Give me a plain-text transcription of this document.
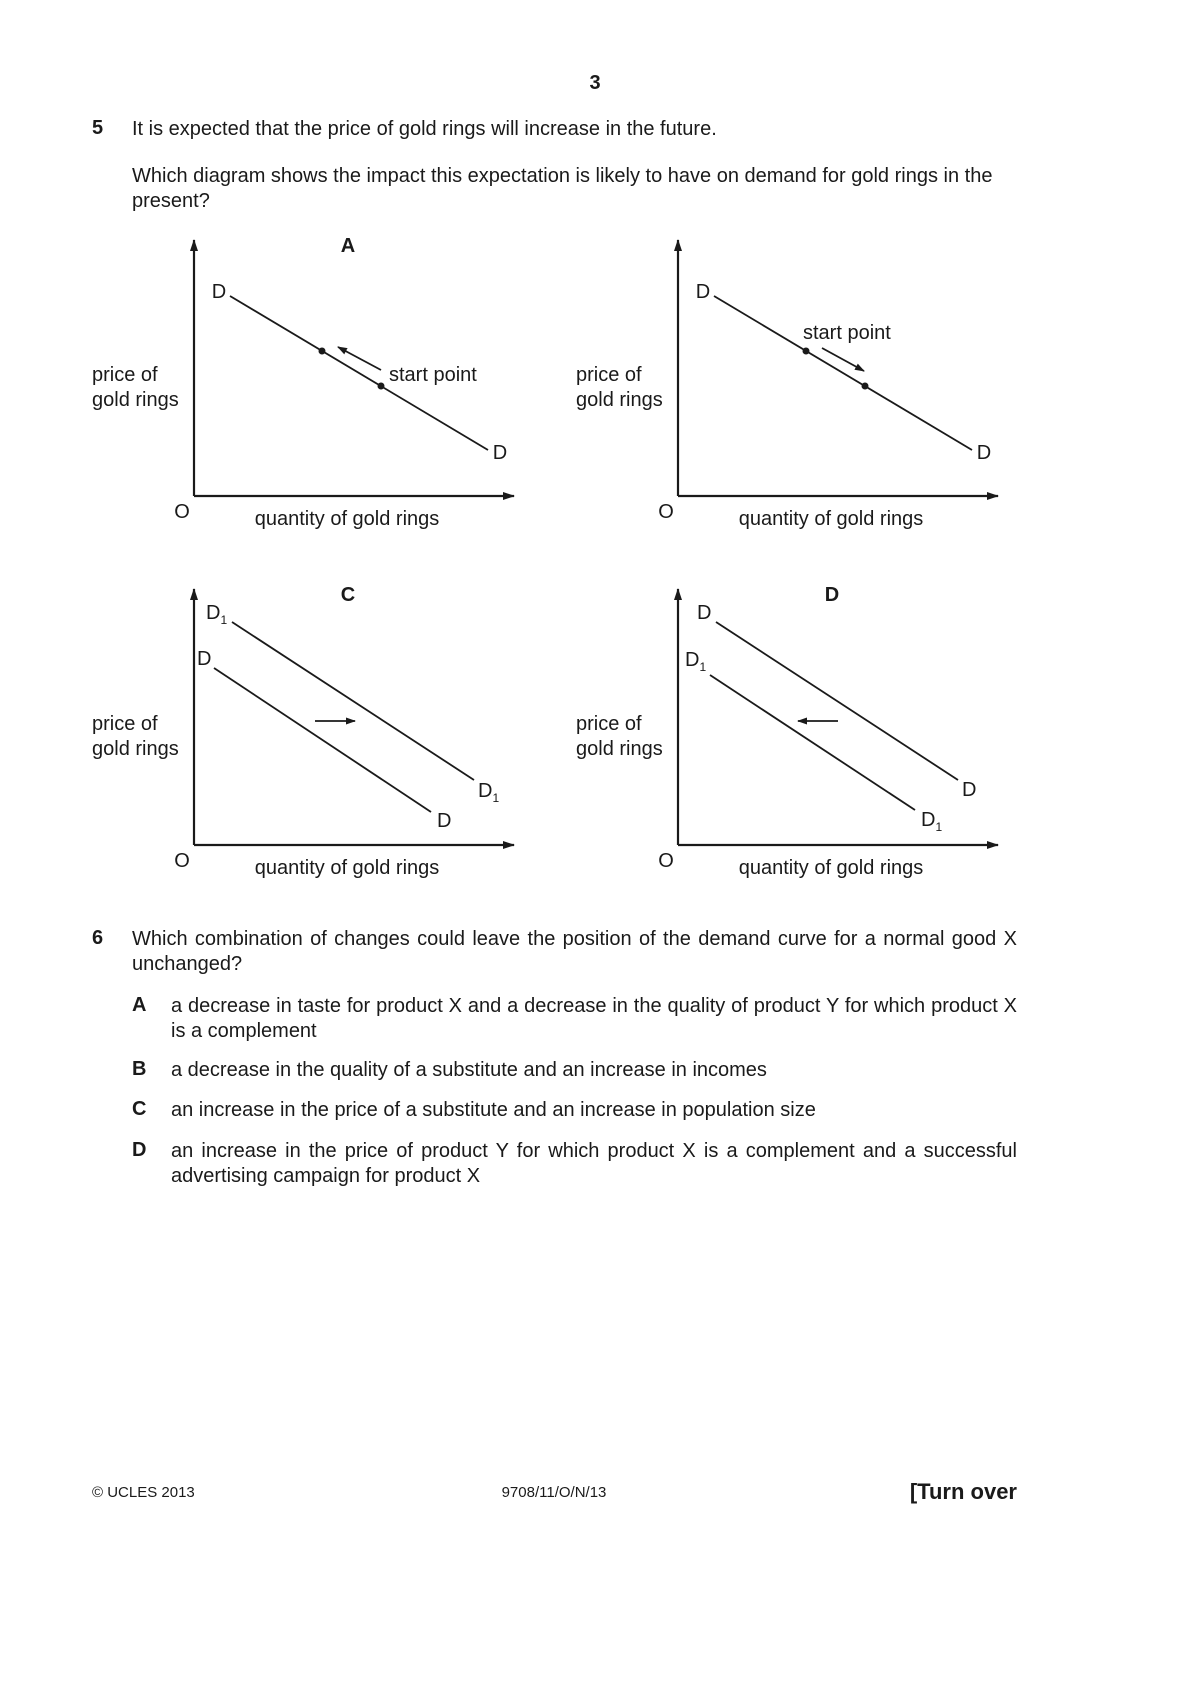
3
5 It is expected that the price of gold rings will increase in the future.
Which diagram shows the impact this expectation is likely to have on demand for gold rings in the present?
A
price of
gold rings
quantity of gold rings
O
D
D
start point	price of
gold rings
quantity of gold rings
O
D
D
start point
C
price of
gold rings
quantity of gold rings
O
$D_1$
D
$D_1$
D
D
price of
gold rings
quantity of gold rings
O
D
$D_1$
D
$D_1$
6 Which combination of changes could leave the position of the demand curve for a normal good X unchanged?
A a decrease in taste for product X and a decrease in the quality of product Y for which product X is a complement
B a decrease in the quality of a substitute and an increase in incomes
C an increase in the price of a substitute and an increase in population size
D an increase in the price of product Y for which product X is a complement and a successful advertising campaign for product X
© UCLES 2013	9708/11/O/N/13	[Turn over
